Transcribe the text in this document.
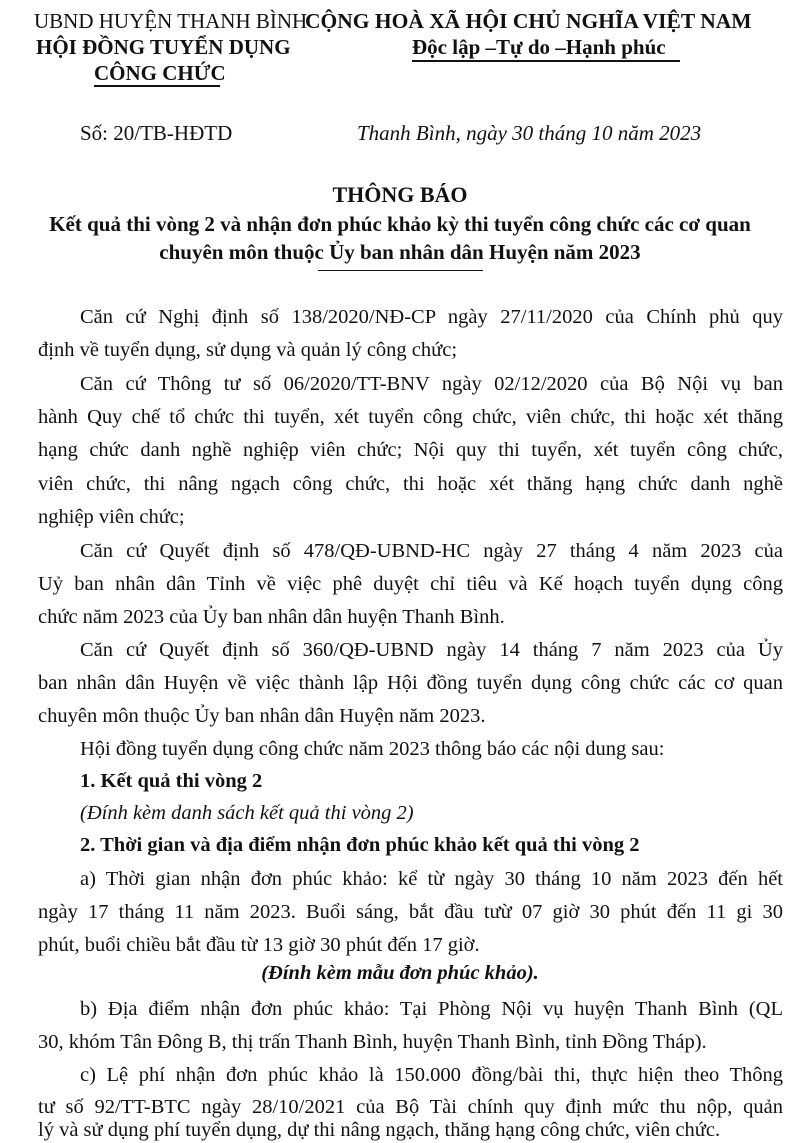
UBND HUYỆN THANH BÌNH
HỘI ĐỒNG TUYỂN DỤNG
CÔNG CHỨC
CỘNG HOÀ XÃ HỘI CHỦ NGHĨA VIỆT NAM
Độc lập –Tự do –Hạnh phúc
Số: 20/TB-HĐTD	Thanh Bình, ngày 30 tháng 10 năm 2023
THÔNG BÁO
Kết quả thi vòng 2 và nhận đơn phúc khảo kỳ thi tuyển công chức các cơ quan
chuyên môn thuộc Ủy ban nhân dân Huyện năm 2023
Căn cứ Nghị định số 138/2020/NĐ-CP ngày 27/11/2020 của Chính phủ quy
định về tuyển dụng, sử dụng và quản lý công chức;
Căn cứ Thông tư số 06/2020/TT-BNV ngày 02/12/2020 của Bộ Nội vụ ban
hành Quy chế tổ chức thi tuyển, xét tuyển công chức, viên chức, thi hoặc xét thăng
hạng chức danh nghề nghiệp viên chức; Nội quy thi tuyển, xét tuyển công chức,
viên chức, thi nâng ngạch công chức, thi hoặc xét thăng hạng chức danh nghề
nghiệp viên chức;
Căn cứ Quyết định số 478/QĐ-UBND-HC ngày 27 tháng 4 năm 2023 của
Uỷ ban nhân dân Tỉnh về việc phê duyệt chỉ tiêu và Kế hoạch tuyển dụng công
chức năm 2023 của Ủy ban nhân dân huyện Thanh Bình.
Căn cứ Quyết định số 360/QĐ-UBND ngày 14 tháng 7 năm 2023 của Ủy
ban nhân dân Huyện về việc thành lập Hội đồng tuyển dụng công chức các cơ quan
chuyên môn thuộc Ủy ban nhân dân Huyện năm 2023.
Hội đồng tuyển dụng công chức năm 2023 thông báo các nội dung sau:
1. Kết quả thi vòng 2
(Đính kèm danh sách kết quả thi vòng 2)
2. Thời gian và địa điểm nhận đơn phúc khảo kết quả thi vòng 2
a) Thời gian nhận đơn phúc khảo: kể từ ngày 30 tháng 10 năm 2023 đến hết
ngày 17 tháng 11 năm 2023. Buổi sáng, bắt đầu tưừ 07 giờ 30 phút đến 11 gi 30
phút, buổi chiều bắt đầu từ 13 giờ 30 phút đến 17 giờ.
(Đính kèm mẫu đơn phúc khảo).
b) Địa điểm nhận đơn phúc khảo: Tại Phòng Nội vụ huyện Thanh Bình (QL
30, khóm Tân Đông B, thị trấn Thanh Bình, huyện Thanh Bình, tỉnh Đồng Tháp).
c) Lệ phí nhận đơn phúc khảo là 150.000 đồng/bài thi, thực hiện theo Thông
tư số 92/TT-BTC ngày 28/10/2021 của Bộ Tài chính quy định mức thu nộp, quản
lý và sử dụng phí tuyển dụng, dự thi nâng ngạch, thăng hạng công chức, viên chức.
